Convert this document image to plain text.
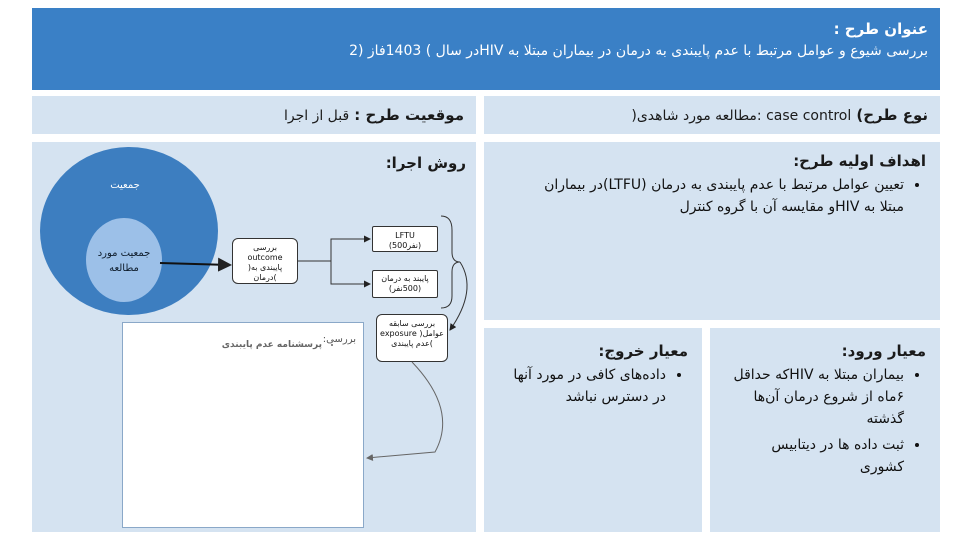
عنوان طرح :
بررسی شیوع و عوامل مرتبط با عدم پایبندی به درمان در بیماران مبتلا به HIVدر سال ) 1403فاز (2
موقعیت طرح : قبل از اجرا	نوع طرح) case control :مطالعه مورد شاهدی(
روش اجرا:
جمعیت
جمعیت مورد مطالعه
بررسی:
• پرسشنامه عدم پایبندی
بررسی outcome )پایبندی به درمان(
LFTU (500نفر)
پایبند به درمان (500نفر)
بررسی سابقه exposure )عوامل عدم پایبندی(
اهداف اولیه طرح:
• تعیین عوامل مرتبط با عدم پایبندی به درمان (LTFU)در بیماران مبتلا به HIVو مقایسه آن با گروه کنترل
معیار خروج:
• داده‌های کافی در مورد آنها در دسترس نباشد
معیار ورود:
• بیماران مبتلا به HIVکه حداقل ۶ماه از شروع درمان آن‌ها گذشته
• ثبت داده ها در دیتابیس کشوری
